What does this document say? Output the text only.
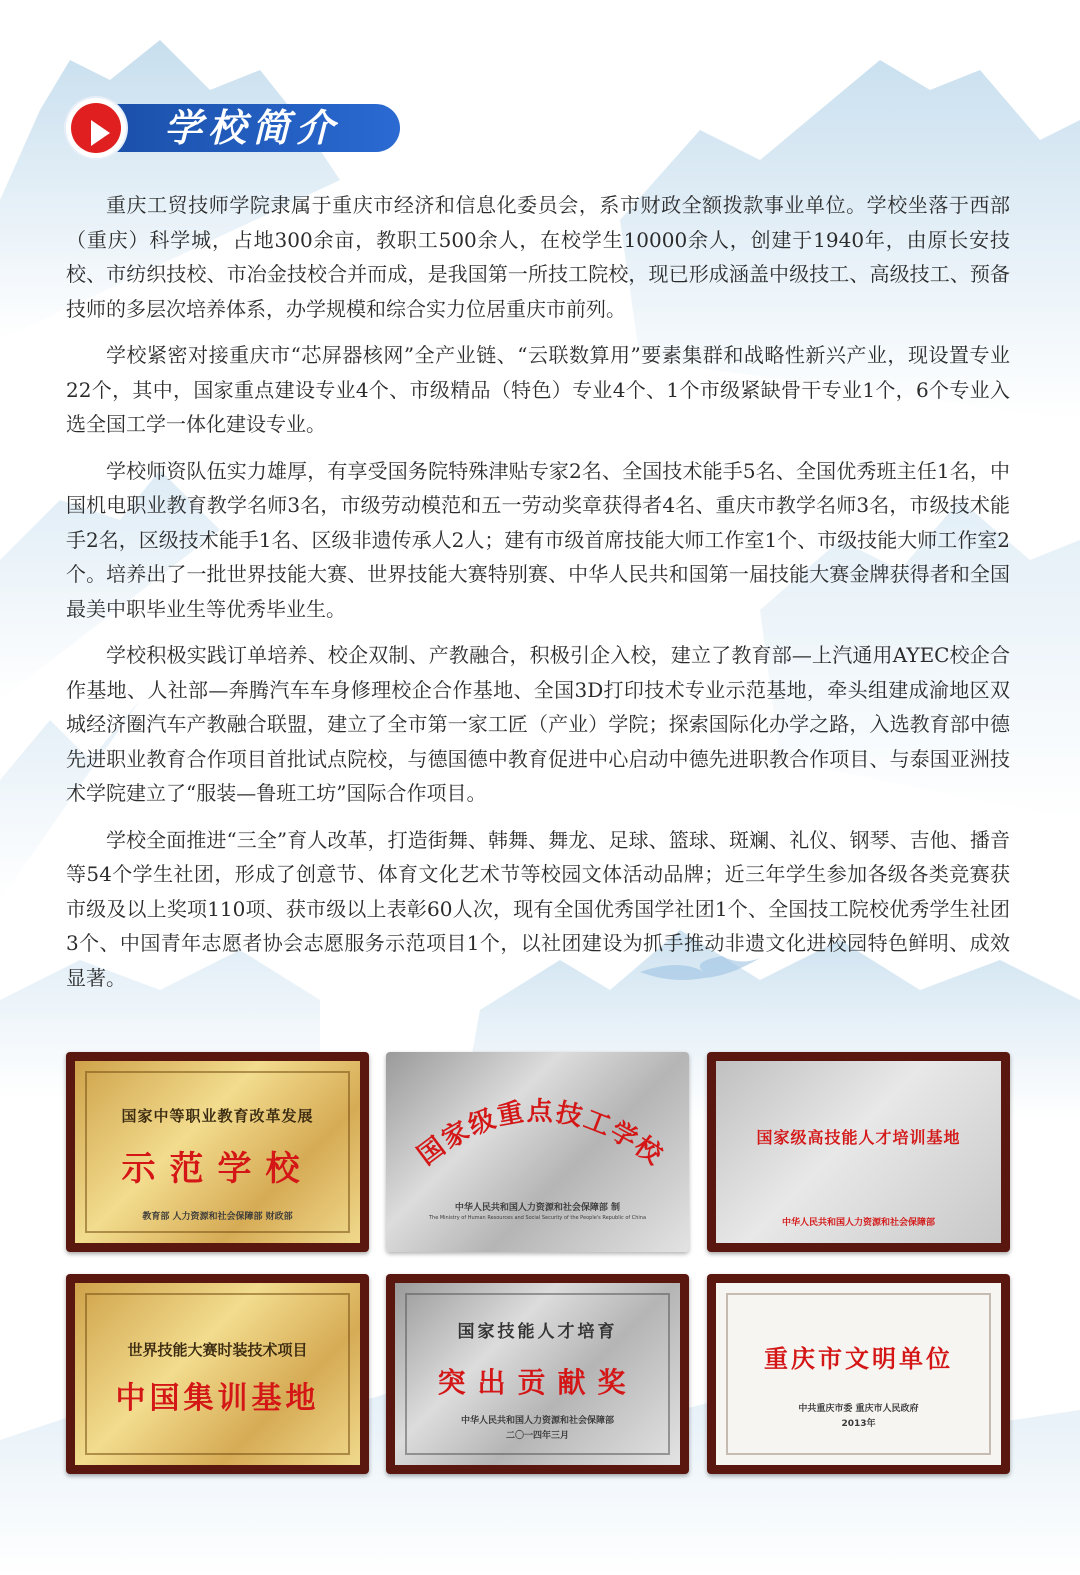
学校简介

重庆工贸技师学院隶属于重庆市经济和信息化委员会，系市财政全额拨款事业单位。学校坐落于西部（重庆）科学城，占地300余亩，教职工500余人，在校学生10000余人，创建于1940年，由原长安技校、市纺织技校、市冶金技校合并而成，是我国第一所技工院校，现已形成涵盖中级技工、高级技工、预备技师的多层次培养体系，办学规模和综合实力位居重庆市前列。

学校紧密对接重庆市“芯屏器核网”全产业链、“云联数算用”要素集群和战略性新兴产业，现设置专业22个，其中，国家重点建设专业4个、市级精品（特色）专业4个、1个市级紧缺骨干专业1个，6个专业入选全国工学一体化建设专业。

学校师资队伍实力雄厚，有享受国务院特殊津贴专家2名、全国技术能手5名、全国优秀班主任1名，中国机电职业教育教学名师3名，市级劳动模范和五一劳动奖章获得者4名、重庆市教学名师3名，市级技术能手2名，区级技术能手1名、区级非遗传承人2人；建有市级首席技能大师工作室1个、市级技能大师工作室2个。培养出了一批世界技能大赛、世界技能大赛特别赛、中华人民共和国第一届技能大赛金牌获得者和全国最美中职毕业生等优秀毕业生。

学校积极实践订单培养、校企双制、产教融合，积极引企入校，建立了教育部—上汽通用AYEC校企合作基地、人社部—奔腾汽车车身修理校企合作基地、全国3D打印技术专业示范基地，牵头组建成渝地区双城经济圈汽车产教融合联盟，建立了全市第一家工匠（产业）学院；探索国际化办学之路，入选教育部中德先进职业教育合作项目首批试点院校，与德国德中教育促进中心启动中德先进职教合作项目、与泰国亚洲技术学院建立了“服装—鲁班工坊”国际合作项目。

学校全面推进“三全”育人改革，打造街舞、韩舞、舞龙、足球、篮球、斑斓、礼仪、钢琴、吉他、播音等54个学生社团，形成了创意节、体育文化艺术节等校园文体活动品牌；近三年学生参加各级各类竞赛获市级及以上奖项110项、获市级以上表彰60人次，现有全国优秀国学社团1个、全国技工院校优秀学生社团3个、中国青年志愿者协会志愿服务示范项目1个，以社团建设为抓手推动非遗文化进校园特色鲜明、成效显著。

国家中等职业教育改革发展
示范学校
教育部 人力资源和社会保障部 财政部
国家级重点技工学校
中华人民共和国人力资源和社会保障部 制
The Ministry of Human Resources and Social Security of the People's Republic of China
国家级高技能人才培训基地
中华人民共和国人力资源和社会保障部
世界技能大赛时装技术项目
中国集训基地
国家技能人才培育
突出贡献奖
中华人民共和国人力资源和社会保障部
二〇一四年三月
重庆市文明单位
中共重庆市委 重庆市人民政府
2013年
